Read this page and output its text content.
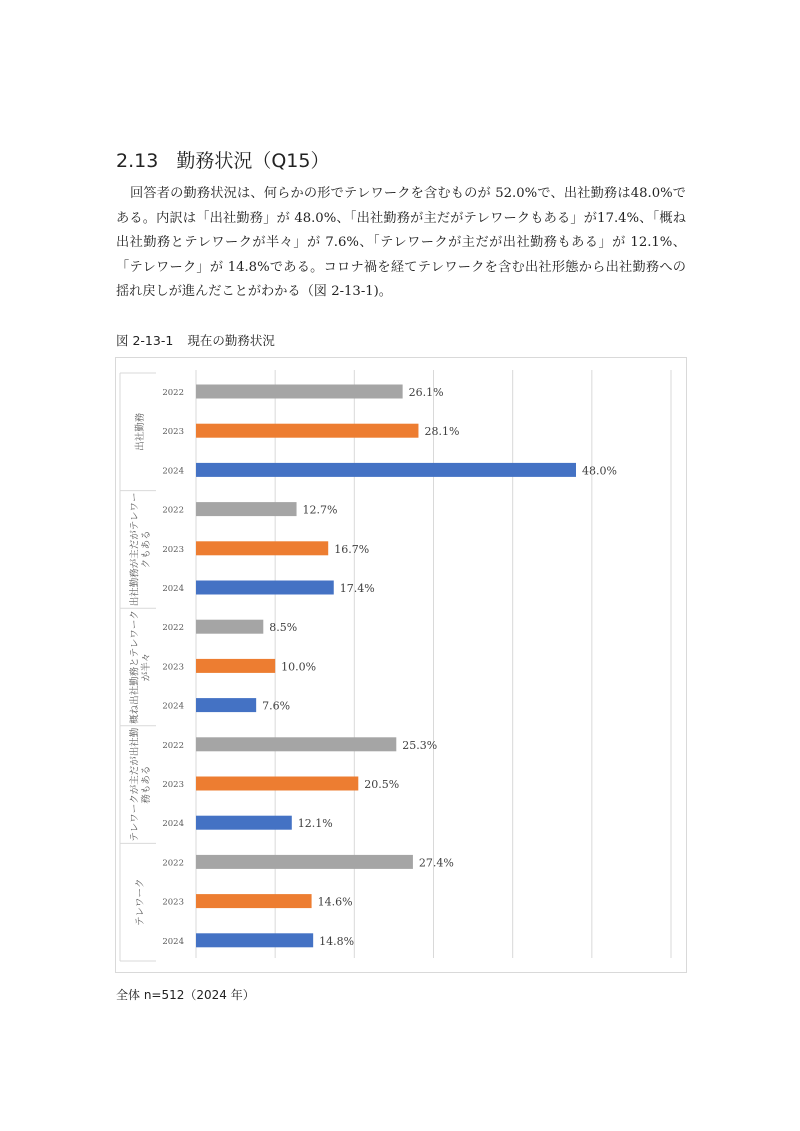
2.13 勤務状況（Q15）
回答者の勤務状況は、何らかの形でテレワークを含むものが 52.0%で、出社勤務は48.0%である。内訳は「出社勤務」が 48.0%、「出社勤務が主だがテレワークもある」が17.4%、「概ね出社勤務とテレワークが半々」が 7.6%、「テレワークが主だが出社勤務もある」が 12.1%、「テレワーク」が 14.8%である。コロナ禍を経てテレワークを含む出社形態から出社勤務への揺れ戻しが進んだことがわかる（図 2-13-1)。
図 2-13-1 現在の勤務状況
出社勤務
2022	26.1%
2023	28.1%
2024	48.0%
出社勤務が主だがテレワークもある
2022	12.7%
2023	16.7%
2024	17.4%
概ね出社勤務とテレワークが半々
2022	8.5%
2023	10.0%
2024	7.6%
テレワークが主だが出社勤務もある
2022	25.3%
2023	20.5%
2024	12.1%
テレワーク
2022	27.4%
2023	14.6%
2024	14.8%
全体 n=512（2024 年）
